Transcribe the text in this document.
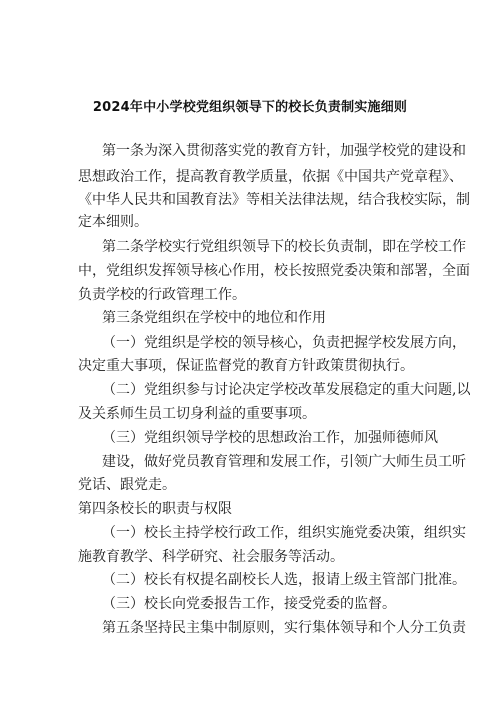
2024年中小学校党组织领导下的校长负责制实施细则
第一条为深入贯彻落实党的教育方针，加强学校党的建设和
思想政治工作，提高教育教学质量，依据《中国共产党章程》、
《中华人民共和国教育法》等相关法律法规，结合我校实际，制
定本细则。
第二条学校实行党组织领导下的校长负责制，即在学校工作
中，党组织发挥领导核心作用，校长按照党委决策和部署，全面
负责学校的行政管理工作。
第三条党组织在学校中的地位和作用
（一）党组织是学校的领导核心，负责把握学校发展方向，
决定重大事项，保证监督党的教育方针政策贯彻执行。
（二）党组织参与讨论决定学校改革发展稳定的重大问题,以
及关系师生员工切身利益的重要事项。
（三）党组织领导学校的思想政治工作，加强师德师风
建设，做好党员教育管理和发展工作，引领广大师生员工听
党话、跟党走。
第四条校长的职责与权限
（一）校长主持学校行政工作，组织实施党委决策，组织实
施教育教学、科学研究、社会服务等活动。
（二）校长有权提名副校长人选，报请上级主管部门批准。
（三）校长向党委报告工作，接受党委的监督。
第五条坚持民主集中制原则，实行集体领导和个人分工负责
